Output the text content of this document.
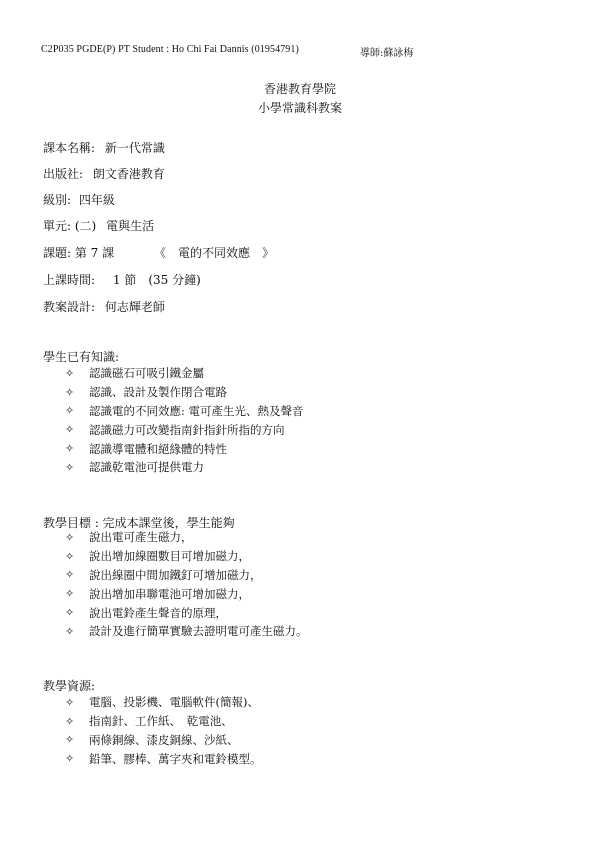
C2P035 PGDE(P) PT Student : Ho Chi Fai Dannis (01954791)	導師:蘇詠梅
香港教育學院
小學常識科教案
課本名稱: 新一代常識
出版社: 朗文香港教育
級別: 四年級
單元: (二) 電與生活
課題: 第 7 課	《　電的不同效應　》
上課時間: 1 節　(35 分鐘)
教案設計: 何志輝老師
學生已有知識:
✧	認識磁石可吸引鐵金屬
✧	認識、設計及製作閉合電路
✧	認識電的不同效應: 電可產生光、熱及聲音
✧	認識磁力可改變指南針指針所指的方向
✧	認識導電體和絕緣體的特性
✧	認識乾電池可提供電力
教學目標 : 完成本課堂後，學生能夠
✧	說出電可產生磁力，
✧	說出增加線圈數目可增加磁力，
✧	說出線圈中間加鐵釘可增加磁力，
✧	說出增加串聯電池可增加磁力，
✧	說出電鈴產生聲音的原理，
✧	設計及進行簡單實驗去證明電可產生磁力。
教學資源:
✧	電腦、投影機、電腦軟件(簡報)、
✧	指南針、工作紙、　乾電池、
✧	兩條銅線、漆皮銅線、沙紙、
✧	鉛筆、膠棒、萬字夾和電鈴模型。
